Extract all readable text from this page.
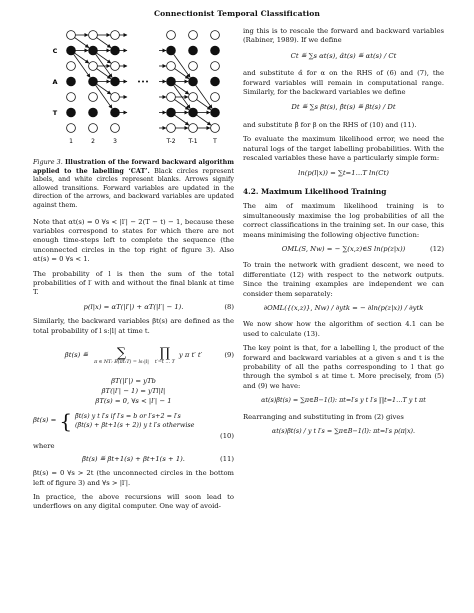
Connectionist Temporal Classification
C
A
T
1	2	3	T-2 T-1	T
Figure 3. Illustration of the forward backward algorithm applied to the labelling ‘CAT’. Black circles represent labels, and white circles represent blanks. Arrows signify allowed transitions. Forward variables are updated in the direction of the arrows, and backward variables are updated against them.

Note that αt(s) = 0 ∀s < |l′| − 2(T − t) − 1, because these variables correspond to states for which there are not enough time-steps left to complete the sequence (the unconnected circles in the top right of figure 3). Also αt(s) = 0 ∀s < 1.

The probability of l is then the sum of the total probabilities of l′ with and without the final blank at time T.

p(l|x) = αT(|l′|) + αT(|l′| − 1).	(8)

Similarly, the backward variables βt(s) are defined as the total probability of l s:|l| at time t.

βt(s) ≝ ∑
π ∈ NT: B(πt:T) = ls:|l|
∏
t′=t … T
y π t′ t′	(9)
βT(|l′|) = yTb
βT(|l′| − 1) = yTl|l|
βT(s) = 0, ∀s < |l′| − 1
βt(s) = { β̄t(s) y t l′s if l′s = b or l′s+2 = l′s
(β̄t(s) + βt+1(s + 2)) y t l′s otherwise
(10)

where

β̄t(s) ≝ βt+1(s) + βt+1(s + 1).	(11)

βt(s) = 0 ∀s > 2t (the unconnected circles in the bottom left of figure 3) and ∀s > |l′|.

In practice, the above recursions will soon lead to underflows on any digital computer. One way of avoid-

ing this is to rescale the forward and backward variables (Rabiner, 1989). If we define

Ct ≝ ∑s αt(s), α̂t(s) ≝ αt(s) / Ct

and substitute α̂ for α on the RHS of (6) and (7), the forward variables will remain in computational range. Similarly, for the backward variables we define

Dt ≝ ∑s βt(s), β̂t(s) ≝ βt(s) / Dt

and substitute β̂ for β on the RHS of (10) and (11).

To evaluate the maximum likelihood error, we need the natural logs of the target labelling probabilities. With the rescaled variables these have a particularly simple form:

ln(p(l|x)) = ∑t=1…T ln(Ct)
4.2. Maximum Likelihood Training

The aim of maximum likelihood training is to simultaneously maximise the log probabilities of all the correct classifications in the training set. In our case, this means minimising the following objective function:

OML(S, Nw) = − ∑(x,z)∈S ln(p(z|x))	(12)

To train the network with gradient descent, we need to differentiate (12) with respect to the network outputs. Since the training examples are independent we can consider them separately:

∂OML({(x,z)}, Nw) / ∂ytk = − ∂ln(p(z|x)) / ∂ytk

We now show how the algorithm of section 4.1 can be used to calculate (13).

The key point is that, for a labelling l, the product of the forward and backward variables at a given s and t is the probability of all the paths corresponding to l that go through the symbol s at time t. More precisely, from (5) and (9) we have:

αt(s)βt(s) = ∑π∈B−1(l): πt=l′s y t l′s ∏t=1…T y t πt

Rearranging and substituting in from (2) gives

αt(s)βt(s) / y t l′s = ∑π∈B−1(l): πt=l′s p(π|x).
